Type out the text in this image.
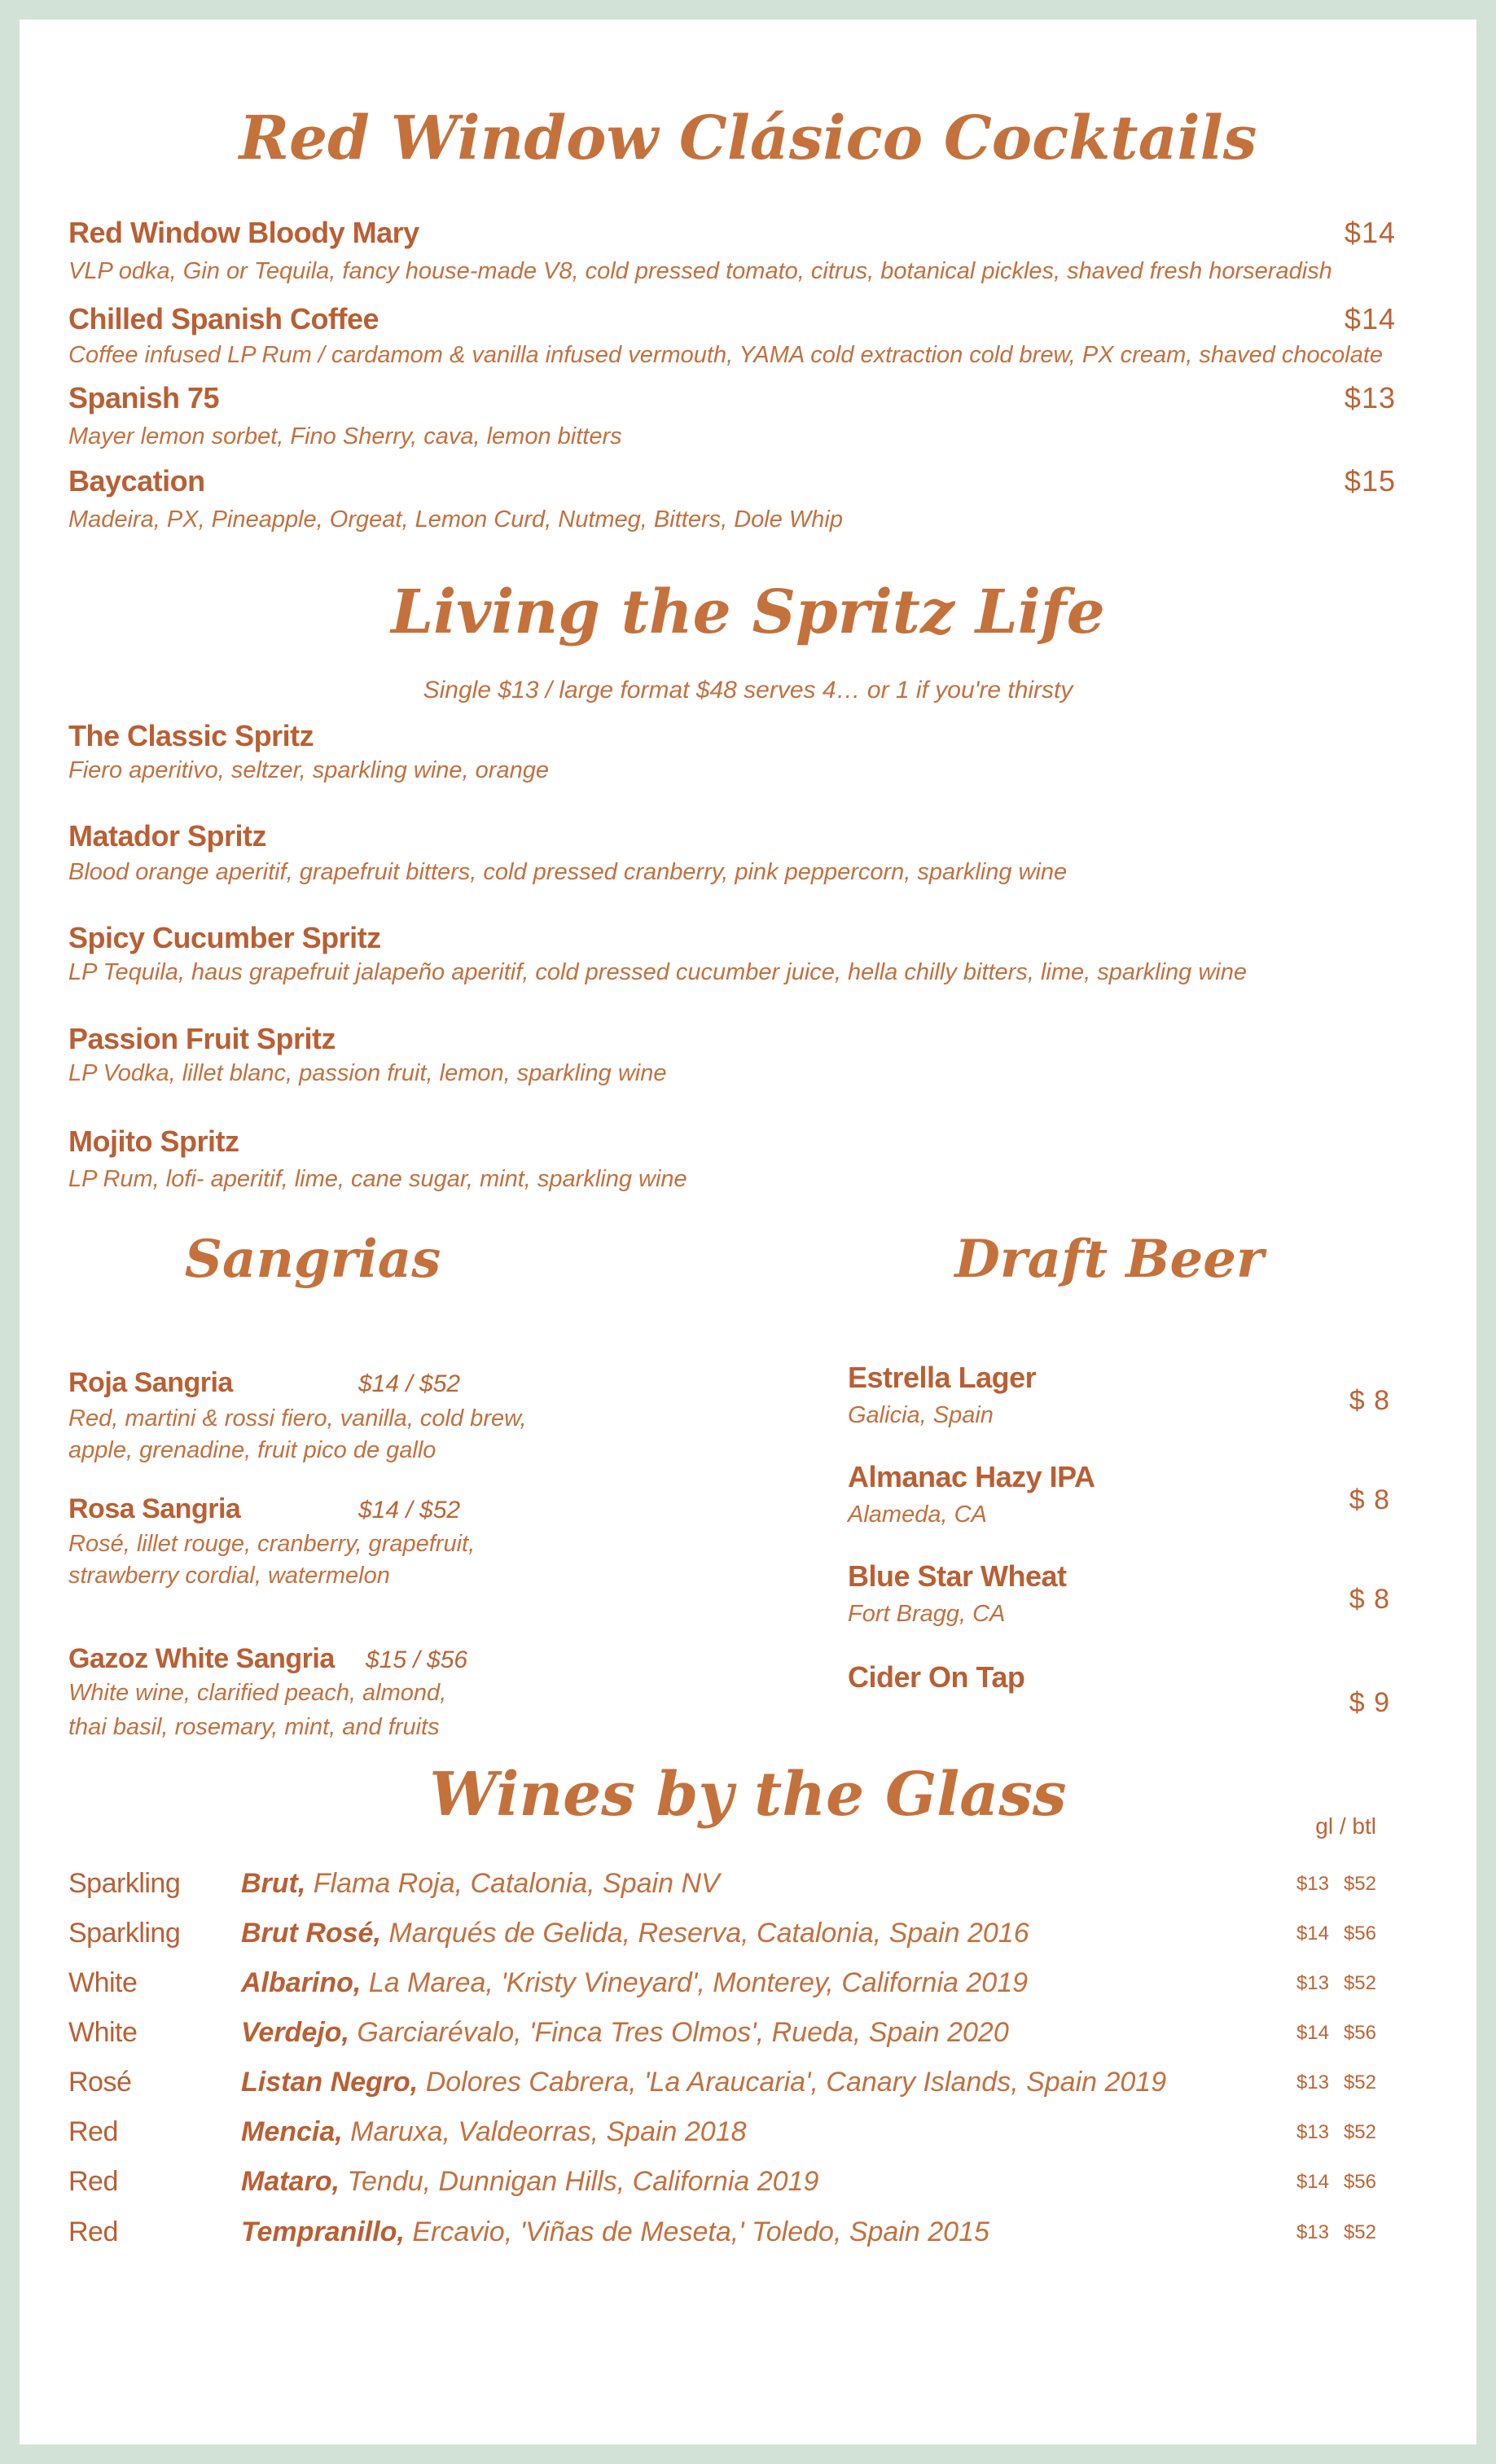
Red Window Clásico Cocktails
Red Window Bloody Mary	$14
VLP odka, Gin or Tequila, fancy house-made V8, cold pressed tomato, citrus, botanical pickles, shaved fresh horseradish
Chilled Spanish Coffee	$14
Coffee infused LP Rum / cardamom & vanilla infused vermouth, YAMA cold extraction cold brew, PX cream, shaved chocolate
Spanish 75	$13
Mayer lemon sorbet, Fino Sherry, cava, lemon bitters
Baycation	$15
Madeira, PX, Pineapple, Orgeat, Lemon Curd, Nutmeg, Bitters, Dole Whip
Living the Spritz Life
Single $13 / large format $48 serves 4… or 1 if you're thirsty
The Classic Spritz
Fiero aperitivo, seltzer, sparkling wine, orange
Matador Spritz
Blood orange aperitif, grapefruit bitters, cold pressed cranberry, pink peppercorn, sparkling wine
Spicy Cucumber Spritz
LP Tequila, haus grapefruit jalapeño aperitif, cold pressed cucumber juice, hella chilly bitters, lime, sparkling wine
Passion Fruit Spritz
LP Vodka, lillet blanc, passion fruit, lemon, sparkling wine
Mojito Spritz
LP Rum, lofi- aperitif, lime, cane sugar, mint, sparkling wine
Sangrias
Roja Sangria	$14 / $52
Red, martini & rossi fiero, vanilla, cold brew,
apple, grenadine, fruit pico de gallo
Rosa Sangria	$14 / $52
Rosé, lillet rouge, cranberry, grapefruit,
strawberry cordial, watermelon
Gazoz White Sangria $15 / $56
White wine, clarified peach, almond,
thai basil, rosemary, mint, and fruits
Draft Beer
Estrella Lager
Galicia, Spain	$ 8
Almanac Hazy IPA
Alameda, CA	$ 8
Blue Star Wheat
Fort Bragg, CA	$ 8
Cider On Tap
$ 9
Wines by the Glass	gl / btl
Sparkling Brut, Flama Roja, Catalonia, Spain NV	$13 $52
Sparkling Brut Rosé, Marqués de Gelida, Reserva, Catalonia, Spain 2016	$14 $56
White	Albarino, La Marea, 'Kristy Vineyard', Monterey, California 2019	$13 $52
White	Verdejo, Garciarévalo, 'Finca Tres Olmos', Rueda, Spain 2020	$14 $56
Rosé	Listan Negro, Dolores Cabrera, 'La Araucaria', Canary Islands, Spain 2019	$13 $52
Red	Mencia, Maruxa, Valdeorras, Spain 2018	$13 $52
Red	Mataro, Tendu, Dunnigan Hills, California 2019	$14 $56
Red	Tempranillo, Ercavio, 'Viñas de Meseta,' Toledo, Spain 2015	$13 $52
